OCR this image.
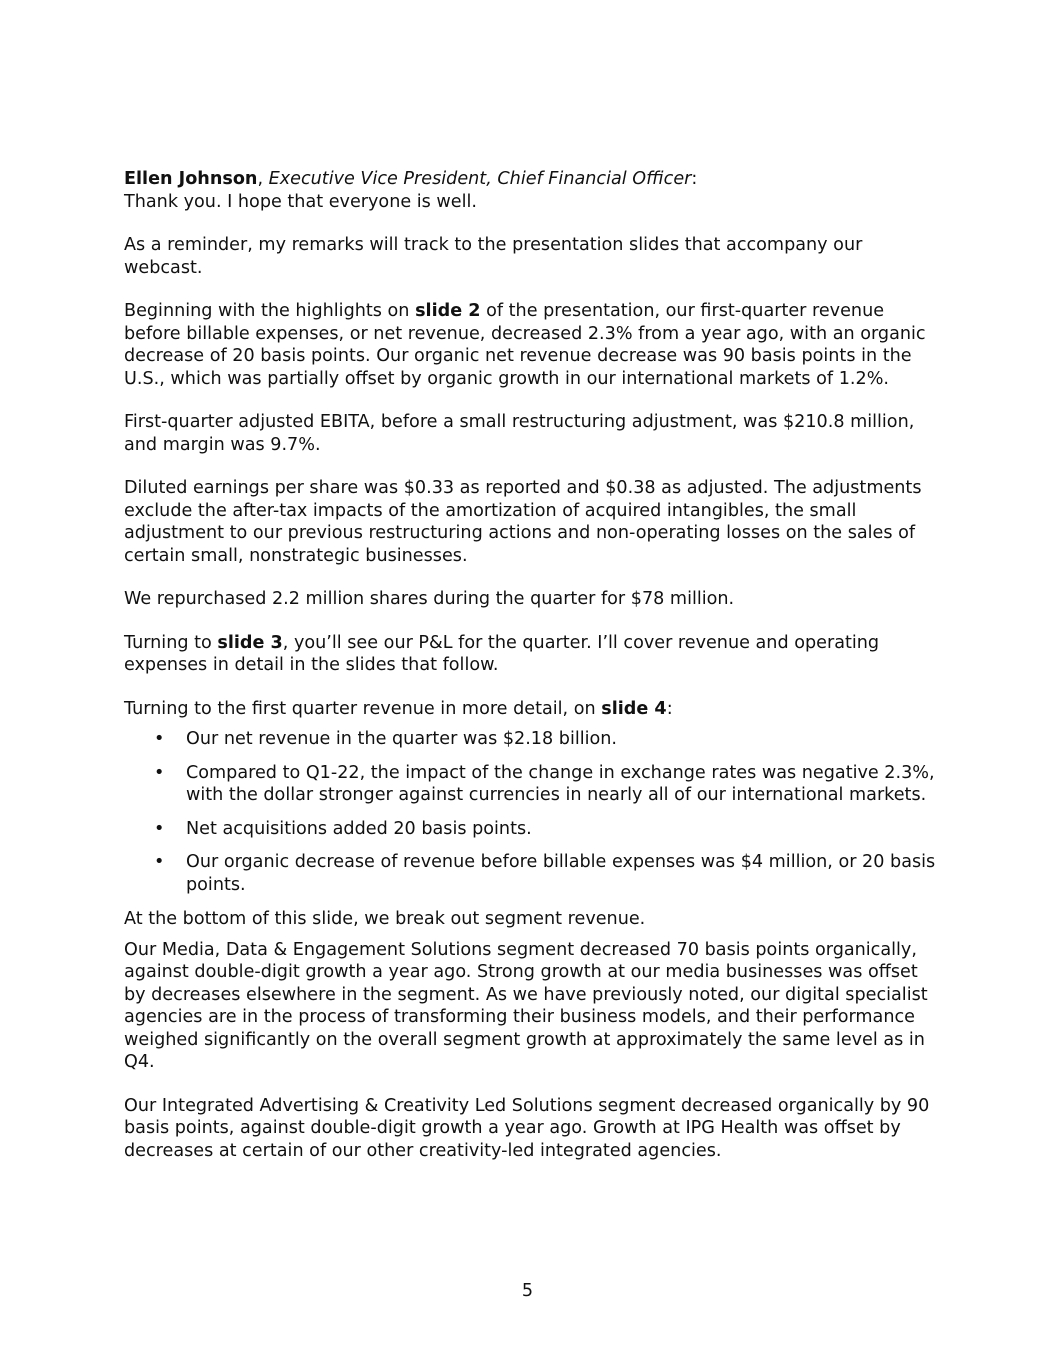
Ellen Johnson, Executive Vice President, Chief Financial Officer:
Thank you. I hope that everyone is well.

As a reminder, my remarks will track to the presentation slides that accompany our webcast.

Beginning with the highlights on slide 2 of the presentation, our first-quarter revenue before billable expenses, or net revenue, decreased 2.3% from a year ago, with an organic decrease of 20 basis points. Our organic net revenue decrease was 90 basis points in the U.S., which was partially offset by organic growth in our international markets of 1.2%.

First-quarter adjusted EBITA, before a small restructuring adjustment, was $210.8 million, and margin was 9.7%.

Diluted earnings per share was $0.33 as reported and $0.38 as adjusted. The adjustments exclude the after-tax impacts of the amortization of acquired intangibles, the small adjustment to our previous restructuring actions and non-operating losses on the sales of certain small, nonstrategic businesses.

We repurchased 2.2 million shares during the quarter for $78 million.

Turning to slide 3, you’ll see our P&L for the quarter. I’ll cover revenue and operating expenses in detail in the slides that follow.

Turning to the first quarter revenue in more detail, on slide 4:

• Our net revenue in the quarter was $2.18 billion.
• Compared to Q1-22, the impact of the change in exchange rates was negative 2.3%, with the dollar stronger against currencies in nearly all of our international markets.
• Net acquisitions added 20 basis points.
• Our organic decrease of revenue before billable expenses was $4 million, or 20 basis points.

At the bottom of this slide, we break out segment revenue.

Our Media, Data & Engagement Solutions segment decreased 70 basis points organically, against double-digit growth a year ago. Strong growth at our media businesses was offset by decreases elsewhere in the segment. As we have previously noted, our digital specialist agencies are in the process of transforming their business models, and their performance weighed significantly on the overall segment growth at approximately the same level as in Q4.

Our Integrated Advertising & Creativity Led Solutions segment decreased organically by 90 basis points, against double-digit growth a year ago. Growth at IPG Health was offset by decreases at certain of our other creativity-led integrated agencies.

5
